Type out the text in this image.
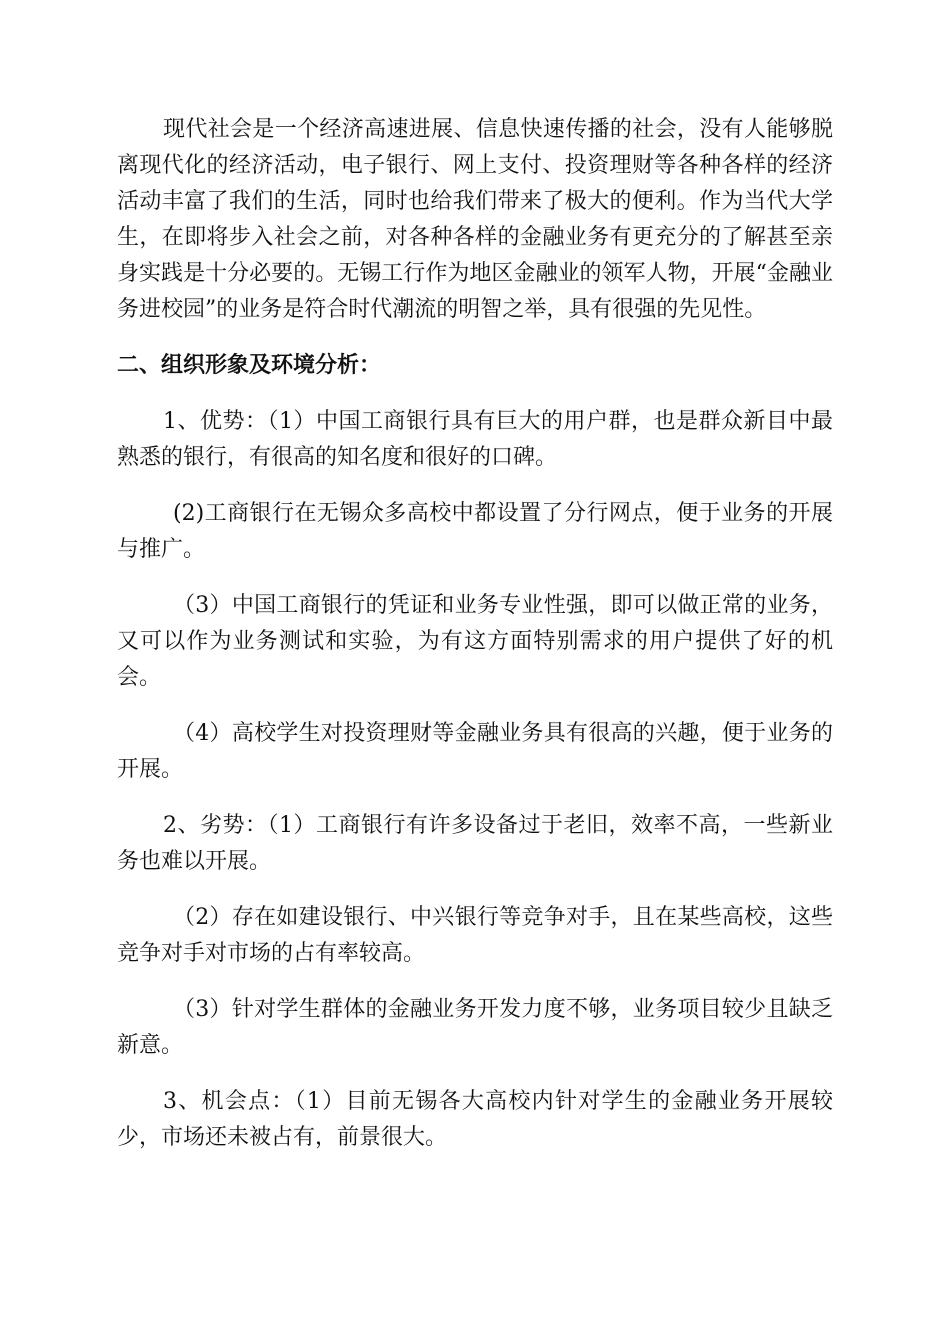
现代社会是一个经济高速进展、信息快速传播的社会，没有人能够脱离现代化的经济活动，电子银行、网上支付、投资理财等各种各样的经济活动丰富了我们的生活，同时也给我们带来了极大的便利。作为当代大学生，在即将步入社会之前，对各种各样的金融业务有更充分的了解甚至亲身实践是十分必要的。无锡工行作为地区金融业的领军人物，开展“金融业务进校园”的业务是符合时代潮流的明智之举，具有很强的先见性。

二、组织形象及环境分析：

1、优势：（1）中国工商银行具有巨大的用户群，也是群众新目中最熟悉的银行，有很高的知名度和很好的口碑。

(2)工商银行在无锡众多高校中都设置了分行网点，便于业务的开展与推广。

（3）中国工商银行的凭证和业务专业性强，即可以做正常的业务，又可以作为业务测试和实验，为有这方面特别需求的用户提供了好的机会。

（4）高校学生对投资理财等金融业务具有很高的兴趣，便于业务的开展。

2、劣势：（1）工商银行有许多设备过于老旧，效率不高，一些新业务也难以开展。

（2）存在如建设银行、中兴银行等竞争对手，且在某些高校，这些竞争对手对市场的占有率较高。

（3）针对学生群体的金融业务开发力度不够，业务项目较少且缺乏新意。

3、机会点：（1）目前无锡各大高校内针对学生的金融业务开展较少，市场还未被占有，前景很大。
